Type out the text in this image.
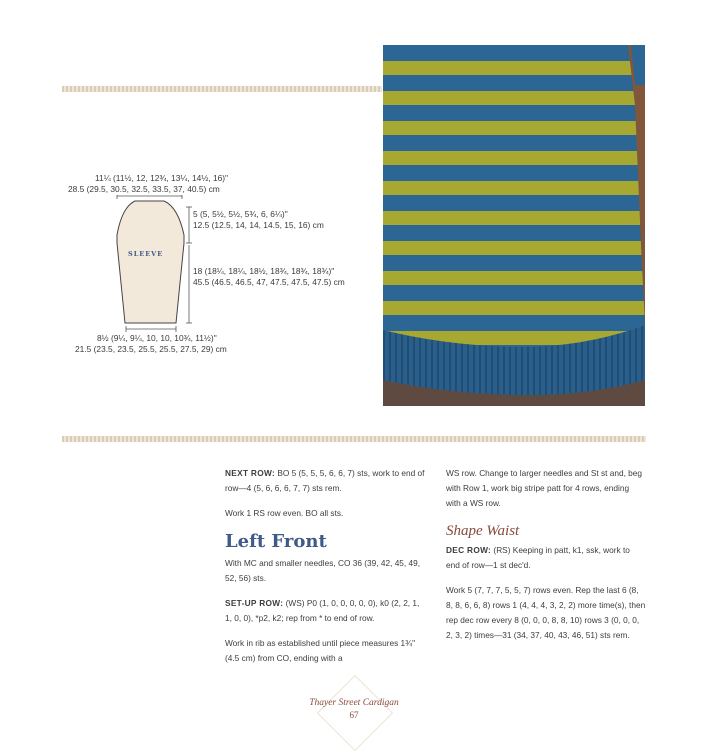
11¼ (11½, 12, 12¾, 13¼, 14½, 16)"
28.5 (29.5, 30.5, 32.5, 33.5, 37, 40.5) cm
5 (5, 5½, 5½, 5¾, 6, 6¼)"
12.5 (12.5, 14, 14, 14.5, 15, 16) cm
18 (18¼, 18¼, 18½, 18¾, 18¾, 18¾)"
45.5 (46.5, 46.5, 47, 47.5, 47.5, 47.5) cm
8½ (9¼, 9¼, 10, 10, 10¾, 11½)"
21.5 (23.5, 23.5, 25.5, 25.5, 27.5, 29) cm
SLEEVE

NEXT ROW: BO 5 (5, 5, 5, 6, 6, 7) sts, work to end of row—4 (5, 6, 6, 6, 7, 7) sts rem.

Work 1 RS row even. BO all sts.

Left Front

With MC and smaller needles, CO 36 (39, 42, 45, 49, 52, 56) sts.

SET-UP ROW: (WS) P0 (1, 0, 0, 0, 0, 0), k0 (2, 2, 1, 1, 0, 0), *p2, k2; rep from * to end of row.

Work in rib as established until piece measures 1¾" (4.5 cm) from CO, ending with a

WS row. Change to larger needles and St st and, beg with Row 1, work big stripe patt for 4 rows, ending with a WS row.

Shape Waist

DEC ROW: (RS) Keeping in patt, k1, ssk, work to end of row—1 st dec'd.

Work 5 (7, 7, 7, 5, 5, 7) rows even. Rep the last 6 (8, 8, 8, 6, 6, 8) rows 1 (4, 4, 4, 3, 2, 2) more time(s), then rep dec row every 8 (0, 0, 0, 8, 8, 10) rows 3 (0, 0, 0, 2, 3, 2) times—31 (34, 37, 40, 43, 46, 51) sts rem.

Thayer Street Cardigan
67
